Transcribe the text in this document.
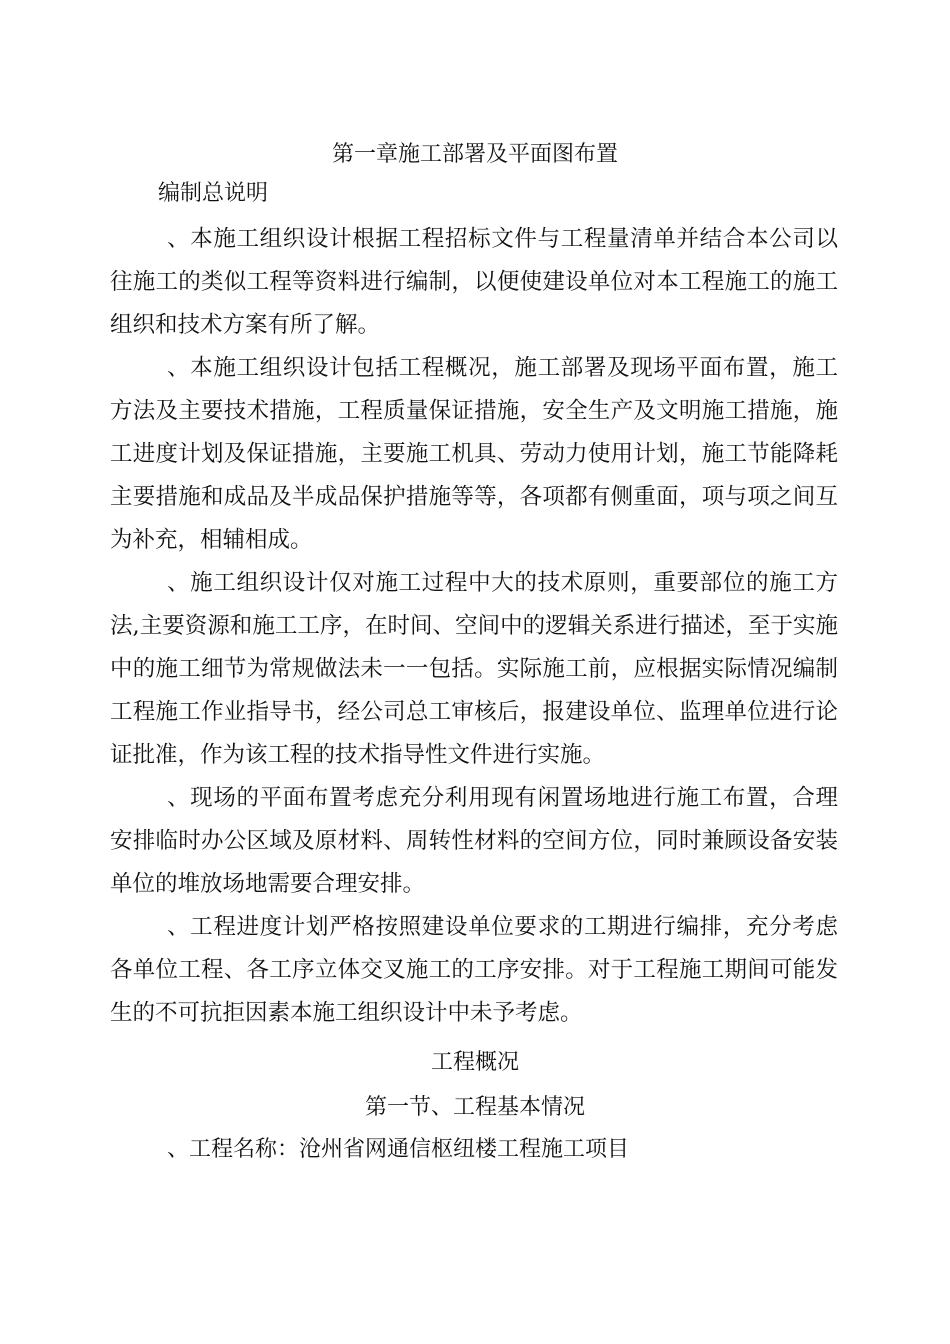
第一章施工部署及平面图布置
编制总说明

、本施工组织设计根据工程招标文件与工程量清单并结合本公司以往施工的类似工程等资料进行编制，以便使建设单位对本工程施工的施工组织和技术方案有所了解。

、本施工组织设计包括工程概况，施工部署及现场平面布置，施工方法及主要技术措施，工程质量保证措施，安全生产及文明施工措施，施工进度计划及保证措施，主要施工机具、劳动力使用计划，施工节能降耗主要措施和成品及半成品保护措施等等，各项都有侧重面，项与项之间互为补充，相辅相成。

、施工组织设计仅对施工过程中大的技术原则，重要部位的施工方法,主要资源和施工工序，在时间、空间中的逻辑关系进行描述，至于实施中的施工细节为常规做法未一一包括。实际施工前，应根据实际情况编制工程施工作业指导书，经公司总工审核后，报建设单位、监理单位进行论证批准，作为该工程的技术指导性文件进行实施。

、现场的平面布置考虑充分利用现有闲置场地进行施工布置，合理安排临时办公区域及原材料、周转性材料的空间方位，同时兼顾设备安装单位的堆放场地需要合理安排。

、工程进度计划严格按照建设单位要求的工期进行编排，充分考虑各单位工程、各工序立体交叉施工的工序安排。对于工程施工期间可能发生的不可抗拒因素本施工组织设计中未予考虑。

工程概况
第一节、工程基本情况
、工程名称：沧州省网通信枢纽楼工程施工项目
